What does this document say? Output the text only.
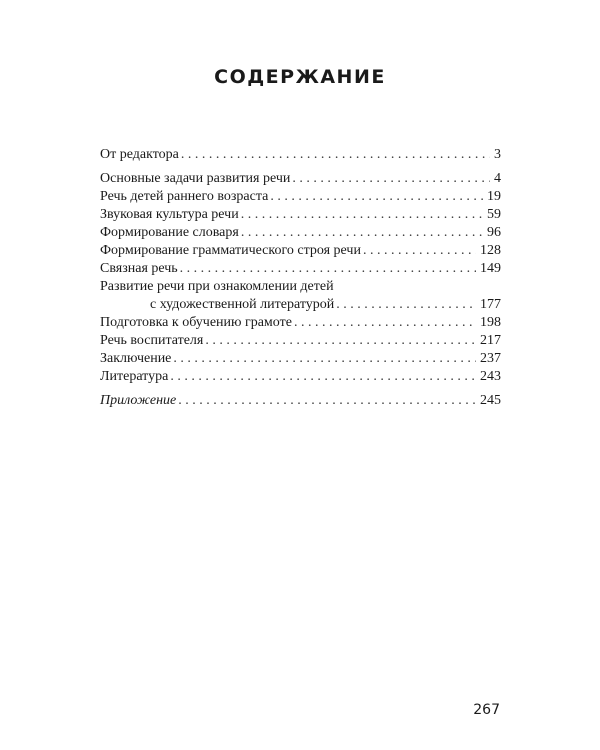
СОДЕРЖАНИЕ
От редактора . . .	3
Основные задачи развития речи . . .	4
Речь детей раннего возраста . . .	19
Звуковая культура речи . . .	59
Формирование словаря . . .	96
Формирование грамматического строя речи . . .	128
Связная речь . . .	149
Развитие речи при ознакомлении детей
с художественной литературой . . .	177
Подготовка к обучению грамоте . . .	198
Речь воспитателя . . .	217
Заключение . . .	237
Литература . . .	243
Приложение . . .	245
267
